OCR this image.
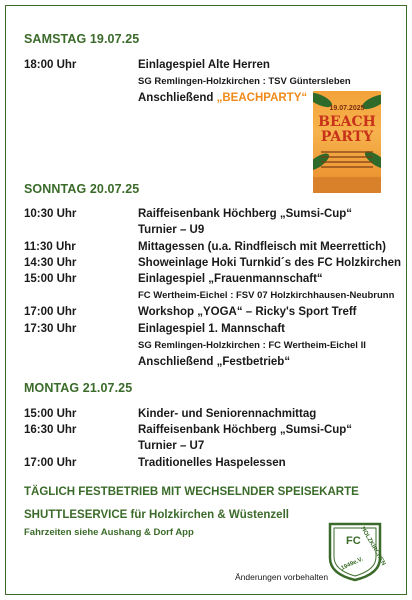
SAMSTAG 19.07.25
18:00 Uhr	Einlagespiel Alte Herren
SG Remlingen-Holzkirchen : TSV Güntersleben
Anschließend „BEACHPARTY“
19.07.2025
BEACH
PARTY
SONNTAG 20.07.25
10:30 Uhr	Raiffeisenbank Höchberg „Sumsi-Cup“
Turnier – U9
11:30 Uhr	Mittagessen (u.a. Rindfleisch mit Meerrettich)
14:30 Uhr	Showeinlage Hoki Turnkid´s des FC Holzkirchen
15:00 Uhr	Einlagespiel „Frauenmannschaft“
FC Wertheim-Eichel : FSV 07 Holzkirchhausen-Neubrunn
17:00 Uhr	Workshop „YOGA“ – Ricky's Sport Treff
17:30 Uhr	Einlagespiel 1. Mannschaft
SG Remlingen-Holzkirchen : FC Wertheim-Eichel II
Anschließend „Festbetrieb“
MONTAG 21.07.25
15:00 Uhr	Kinder- und Seniorennachmittag
16:30 Uhr	Raiffeisenbank Höchberg „Sumsi-Cup“
Turnier – U7
17:00 Uhr	Traditionelles Haspelessen
TÄGLICH FESTBETRIEB MIT WECHSELNDER SPEISEKARTE
SHUTTLESERVICE für Holzkirchen & Wüstenzell
Fahrzeiten siehe Aushang & Dorf App
FC
HOLZKIRCHEN
1949e.V.
Änderungen vorbehalten
